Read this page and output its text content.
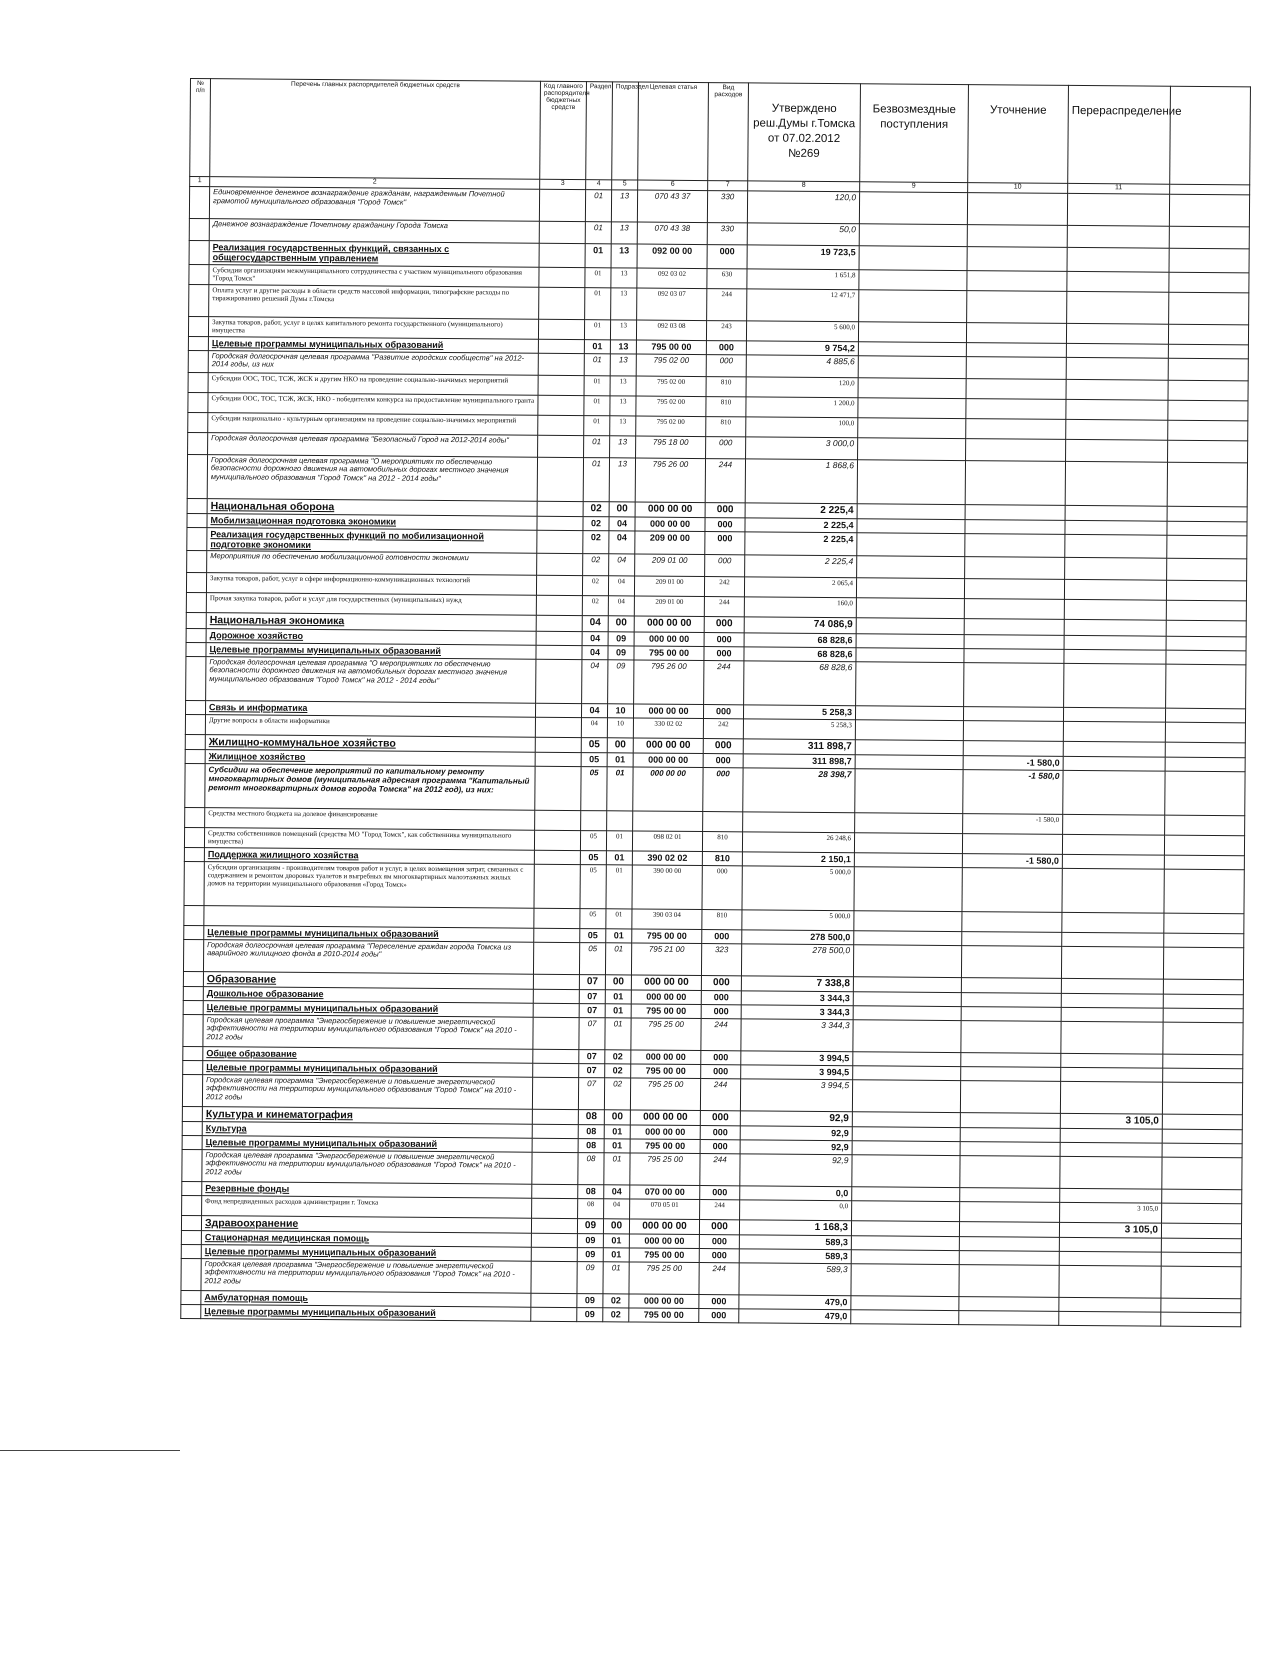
№ п/п	Перечень главных распорядителей бюджетных средств	Код главного распорядителя бюджетных средств	Раздел	Подраздел	Целевая статья	Вид расходов	Утверждено реш.Думы г.Томска от 07.02.2012 №269	Безвозмездные поступления	Уточнение	Перераспределение	
1	2	3	4	5	6	7	8	9	10	11	
	Единовременное денежное вознаграждение гражданам, награжденным Почетной грамотой муниципального образования "Город Томск"		01	13	070 43 37	330	120,0				
	Денежное вознаграждение Почетному гражданину Города Томска		01	13	070 43 38	330	50,0				
	Реализация государственных функций, связанных с общегосударственным управлением		01	13	092 00 00	000	19 723,5				
	Субсидии организациям межмуниципального сотрудничества с участием муниципального образования "Город Томск"		01	13	092 03 02	630	1 651,8				
	Оплата услуг и другие расходы в области средств массовой информации, типографские расходы по тиражированию решений Думы г.Томска		01	13	092 03 07	244	12 471,7				
	Закупка товаров, работ, услуг в целях капитального ремонта государственного (муниципального) имущества		01	13	092 03 08	243	5 600,0				
	Целевые программы муниципальных образований		01	13	795 00 00	000	9 754,2				
	Городская долгосрочная целевая программа "Развитие городских сообществ" на 2012-2014 годы, из них		01	13	795 02 00	000	4 885,6				
	Субсидии ООС, ТОС, ТСЖ, ЖСК и другим НКО на проведение социально-значимых мероприятий		01	13	795 02 00	810	120,0				
	Субсидии ООС, ТОС, ТСЖ, ЖСК, НКО - победителям конкурса на предоставление муниципального гранта		01	13	795 02 00	810	1 200,0				
	Субсидии национально - культурным организациям на проведение социально-значимых мероприятий		01	13	795 02 00	810	100,0				
	Городская долгосрочная целевая программа "Безопасный Город на 2012-2014 годы"		01	13	795 18 00	000	3 000,0				
	Городская долгосрочная целевая программа "О мероприятиях по обеспечению безопасности дорожного движения на автомобильных дорогах местного значения муниципального образования "Город Томск" на 2012 - 2014 годы"		01	13	795 26 00	244	1 868,6				
	Национальная оборона		02	00	000 00 00	000	2 225,4				
	Мобилизационная подготовка экономики		02	04	000 00 00	000	2 225,4				
	Реализация государственных функций по мобилизационной подготовке экономики		02	04	209 00 00	000	2 225,4				
	Мероприятия по обеспечению мобилизационной готовности экономики		02	04	209 01 00	000	2 225,4				
	Закупка товаров, работ, услуг в сфере информационно-коммуникационных технологий		02	04	209 01 00	242	2 065,4				
	Прочая закупка товаров, работ и услуг для государственных (муниципальных) нужд		02	04	209 01 00	244	160,0				
	Национальная экономика		04	00	000 00 00	000	74 086,9				
	Дорожное хозяйство		04	09	000 00 00	000	68 828,6				
	Целевые программы муниципальных образований		04	09	795 00 00	000	68 828,6				
	Городская долгосрочная целевая программа "О мероприятиях по обеспечению безопасности дорожного движения на автомобильных дорогах местного значения муниципального образования "Город Томск" на 2012 - 2014 годы"		04	09	795 26 00	244	68 828,6				
	Связь и информатика		04	10	000 00 00	000	5 258,3				
	Другие вопросы в области информатики		04	10	330 02 02	242	5 258,3				
	Жилищно-коммунальное хозяйство		05	00	000 00 00	000	311 898,7				
	Жилищное хозяйство		05	01	000 00 00	000	311 898,7		-1 580,0		
	Субсидии на обеспечение мероприятий по капитальному ремонту многоквартирных домов (муниципальная адресная программа "Капитальный ремонт многоквартирных домов города Томска" на 2012 год), из них:		05	01	000 00 00	000	28 398,7		-1 580,0		
	Средства местного бюджета на долевое финансирование								-1 580,0		
	Средства собственников помещений (средства МО "Город Томск", как собственника муниципального имущества)		05	01	098 02 01	810	26 248,6				
	Поддержка жилищного хозяйства		05	01	390 02 02	810	2 150,1		-1 580,0		
	Субсидии организациям - производителям товаров работ и услуг, в целях возмещения затрат, связанных с содержанием и ремонтом дворовых туалетов и выгребных ям многоквартирных малоэтажных жилых домов на территории муниципального образования «Город Томск»		05	01	390 00 00	000	5 000,0				
			05	01	390 03 04	810	5 000,0				
	Целевые программы муниципальных образований		05	01	795 00 00	000	278 500,0				
	Городская долгосрочная целевая программа "Переселение граждан города Томска из аварийного жилищного фонда в 2010-2014 годы"		05	01	795 21 00	323	278 500,0				
	Образование		07	00	000 00 00	000	7 338,8				
	Дошкольное образование		07	01	000 00 00	000	3 344,3				
	Целевые программы муниципальных образований		07	01	795 00 00	000	3 344,3				
	Городская целевая программа "Энергосбережение и повышение энергетической эффективности на территории муниципального образования "Город Томск" на 2010 - 2012 годы		07	01	795 25 00	244	3 344,3				
	Общее образование		07	02	000 00 00	000	3 994,5				
	Целевые программы муниципальных образований		07	02	795 00 00	000	3 994,5				
	Городская целевая программа "Энергосбережение и повышение энергетической эффективности на территории муниципального образования "Город Томск" на 2010 - 2012 годы		07	02	795 25 00	244	3 994,5				
	Культура и кинематография		08	00	000 00 00	000	92,9			3 105,0	
	Культура		08	01	000 00 00	000	92,9				
	Целевые программы муниципальных образований		08	01	795 00 00	000	92,9				
	Городская целевая программа "Энергосбережение и повышение энергетической эффективности на территории муниципального образования "Город Томск" на 2010 - 2012 годы		08	01	795 25 00	244	92,9				
	Резервные фонды		08	04	070 00 00	000	0,0				
	Фонд непредвиденных расходов администрации г. Томска		08	04	070 05 01	244	0,0			3 105,0	
	Здравоохранение		09	00	000 00 00	000	1 168,3			3 105,0	
	Стационарная медицинская помощь		09	01	000 00 00	000	589,3				
	Целевые программы муниципальных образований		09	01	795 00 00	000	589,3				
	Городская целевая программа "Энергосбережение и повышение энергетической эффективности на территории муниципального образования "Город Томск" на 2010 - 2012 годы		09	01	795 25 00	244	589,3				
	Амбулаторная помощь		09	02	000 00 00	000	479,0				
	Целевые программы муниципальных образований		09	02	795 00 00	000	479,0				
